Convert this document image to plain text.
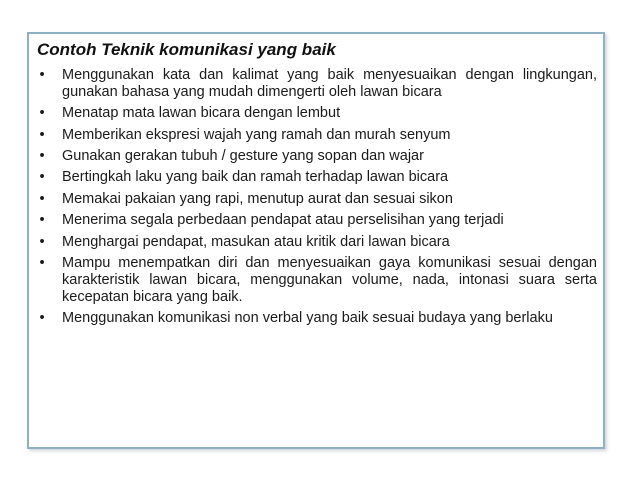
Contoh Teknik komunikasi yang baik
• Menggunakan kata dan kalimat yang baik menyesuaikan dengan lingkungan, gunakan bahasa yang mudah dimengerti oleh lawan bicara
• Menatap mata lawan bicara dengan lembut
• Memberikan ekspresi wajah yang ramah dan murah senyum
• Gunakan gerakan tubuh / gesture yang sopan dan wajar
• Bertingkah laku yang baik dan ramah terhadap lawan bicara
• Memakai pakaian yang rapi, menutup aurat dan sesuai sikon
• Menerima segala perbedaan pendapat atau perselisihan yang terjadi
• Menghargai pendapat, masukan atau kritik dari lawan bicara
• Mampu menempatkan diri dan menyesuaikan gaya komunikasi sesuai dengan karakteristik lawan bicara, menggunakan volume, nada, intonasi suara serta kecepatan bicara yang baik.
• Menggunakan komunikasi non verbal yang baik sesuai budaya yang berlaku
